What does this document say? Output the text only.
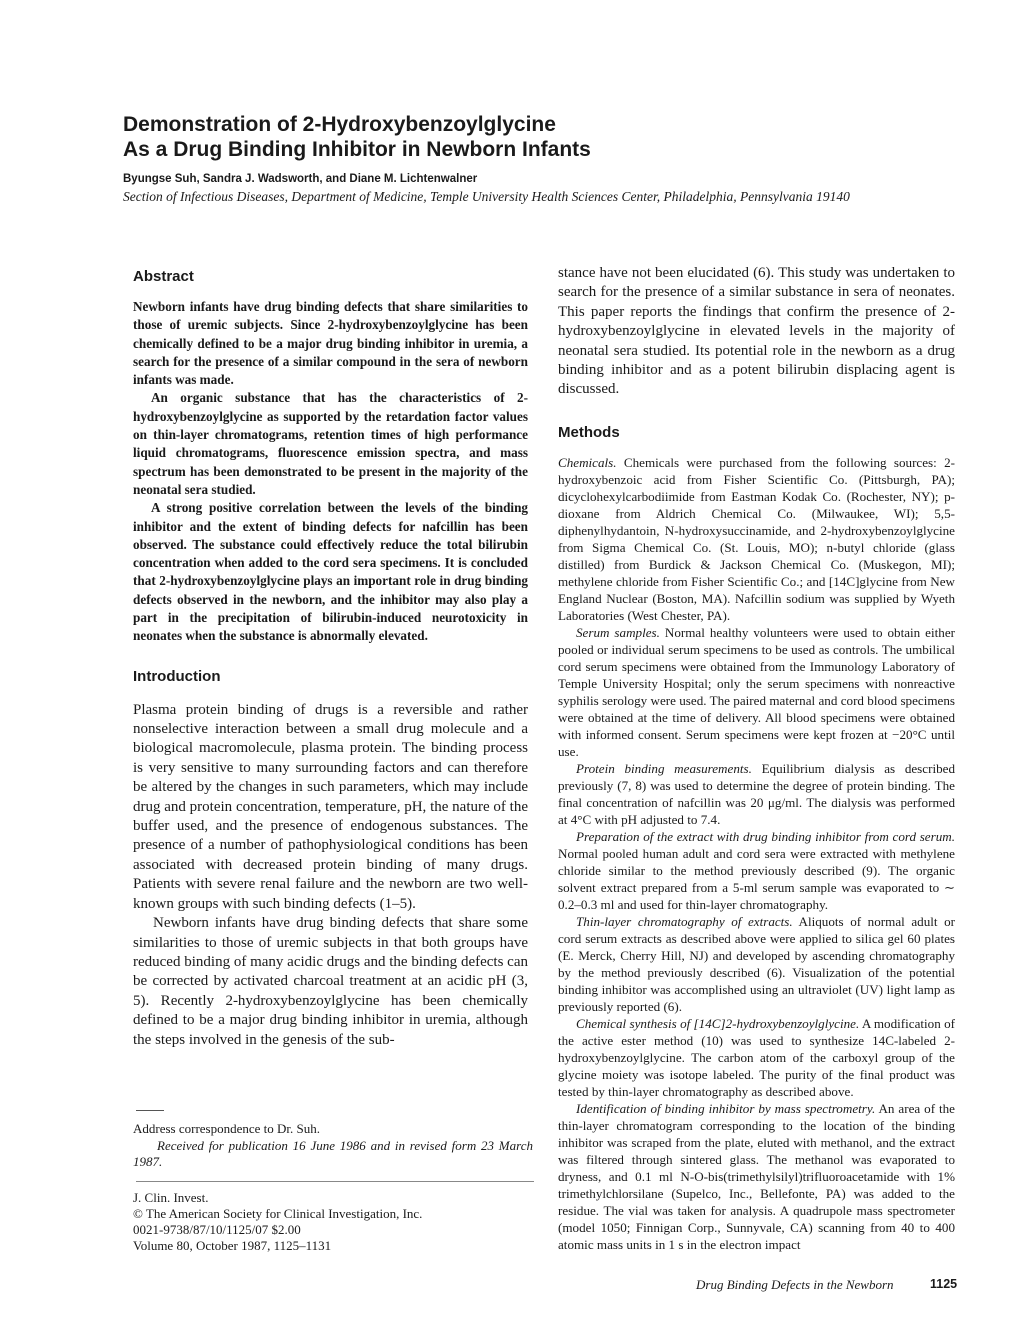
Demonstration of 2-Hydroxybenzoylglycine
As a Drug Binding Inhibitor in Newborn Infants
Byungse Suh, Sandra J. Wadsworth, and Diane M. Lichtenwalner
Section of Infectious Diseases, Department of Medicine, Temple University Health Sciences Center, Philadelphia, Pennsylvania 19140
Abstract

Newborn infants have drug binding defects that share similarities to those of uremic subjects. Since 2-hydroxybenzoylglycine has been chemically defined to be a major drug binding inhibitor in uremia, a search for the presence of a similar compound in the sera of newborn infants was made.

An organic substance that has the characteristics of 2-hydroxybenzoylglycine as supported by the retardation factor values on thin-layer chromatograms, retention times of high performance liquid chromatograms, fluorescence emission spectra, and mass spectrum has been demonstrated to be present in the majority of the neonatal sera studied.

A strong positive correlation between the levels of the binding inhibitor and the extent of binding defects for nafcillin has been observed. The substance could effectively reduce the total bilirubin concentration when added to the cord sera specimens. It is concluded that 2-hydroxybenzoylglycine plays an important role in drug binding defects observed in the newborn, and the inhibitor may also play a part in the precipitation of bilirubin-induced neurotoxicity in neonates when the substance is abnormally elevated.

Introduction

Plasma protein binding of drugs is a reversible and rather nonselective interaction between a small drug molecule and a biological macromolecule, plasma protein. The binding process is very sensitive to many surrounding factors and can therefore be altered by the changes in such parameters, which may include drug and protein concentration, temperature, pH, the nature of the buffer used, and the presence of endogenous substances. The presence of a number of pathophysiological conditions has been associated with decreased protein binding of many drugs. Patients with severe renal failure and the newborn are two well-known groups with such binding defects (1–5).

Newborn infants have drug binding defects that share some similarities to those of uremic subjects in that both groups have reduced binding of many acidic drugs and the binding defects can be corrected by activated charcoal treatment at an acidic pH (3, 5). Recently 2-hydroxybenzoylglycine has been chemically defined to be a major drug binding inhibitor in uremia, although the steps involved in the genesis of the sub-

stance have not been elucidated (6). This study was undertaken to search for the presence of a similar substance in sera of neonates. This paper reports the findings that confirm the presence of 2-hydroxybenzoylglycine in elevated levels in the majority of neonatal sera studied. Its potential role in the newborn as a drug binding inhibitor and as a potent bilirubin displacing agent is discussed.

Methods

Chemicals. Chemicals were purchased from the following sources: 2-hydroxybenzoic acid from Fisher Scientific Co. (Pittsburgh, PA); dicyclohexylcarbodiimide from Eastman Kodak Co. (Rochester, NY); p-dioxane from Aldrich Chemical Co. (Milwaukee, WI); 5,5-diphenylhydantoin, N-hydroxysuccinamide, and 2-hydroxybenzoylglycine from Sigma Chemical Co. (St. Louis, MO); n-butyl chloride (glass distilled) from Burdick & Jackson Chemical Co. (Muskegon, MI); methylene chloride from Fisher Scientific Co.; and [14C]glycine from New England Nuclear (Boston, MA). Nafcillin sodium was supplied by Wyeth Laboratories (West Chester, PA).

Serum samples. Normal healthy volunteers were used to obtain either pooled or individual serum specimens to be used as controls. The umbilical cord serum specimens were obtained from the Immunology Laboratory of Temple University Hospital; only the serum specimens with nonreactive syphilis serology were used. The paired maternal and cord blood specimens were obtained at the time of delivery. All blood specimens were obtained with informed consent. Serum specimens were kept frozen at −20°C until use.

Protein binding measurements. Equilibrium dialysis as described previously (7, 8) was used to determine the degree of protein binding. The final concentration of nafcillin was 20 μg/ml. The dialysis was performed at 4°C with pH adjusted to 7.4.

Preparation of the extract with drug binding inhibitor from cord serum. Normal pooled human adult and cord sera were extracted with methylene chloride similar to the method previously described (9). The organic solvent extract prepared from a 5-ml serum sample was evaporated to ∼ 0.2–0.3 ml and used for thin-layer chromatography.

Thin-layer chromatography of extracts. Aliquots of normal adult or cord serum extracts as described above were applied to silica gel 60 plates (E. Merck, Cherry Hill, NJ) and developed by ascending chromatography by the method previously described (6). Visualization of the potential binding inhibitor was accomplished using an ultraviolet (UV) light lamp as previously reported (6).

Chemical synthesis of [14C]2-hydroxybenzoylglycine. A modification of the active ester method (10) was used to synthesize 14C-labeled 2-hydroxybenzoylglycine. The carbon atom of the carboxyl group of the glycine moiety was isotope labeled. The purity of the final product was tested by thin-layer chromatography as described above.

Identification of binding inhibitor by mass spectrometry. An area of the thin-layer chromatogram corresponding to the location of the binding inhibitor was scraped from the plate, eluted with methanol, and the extract was filtered through sintered glass. The methanol was evaporated to dryness, and 0.1 ml N-O-bis(trimethylsilyl)trifluoroacetamide with 1% trimethylchlorsilane (Supelco, Inc., Bellefonte, PA) was added to the residue. The vial was taken for analysis. A quadrupole mass spectrometer (model 1050; Finnigan Corp., Sunnyvale, CA) scanning from 40 to 400 atomic mass units in 1 s in the electron impact

Address correspondence to Dr. Suh.
Received for publication 16 June 1986 and in revised form 23 March 1987.
J. Clin. Invest.
© The American Society for Clinical Investigation, Inc.
0021-9738/87/10/1125/07 $2.00
Volume 80, October 1987, 1125–1131
Drug Binding Defects in the Newborn	1125
